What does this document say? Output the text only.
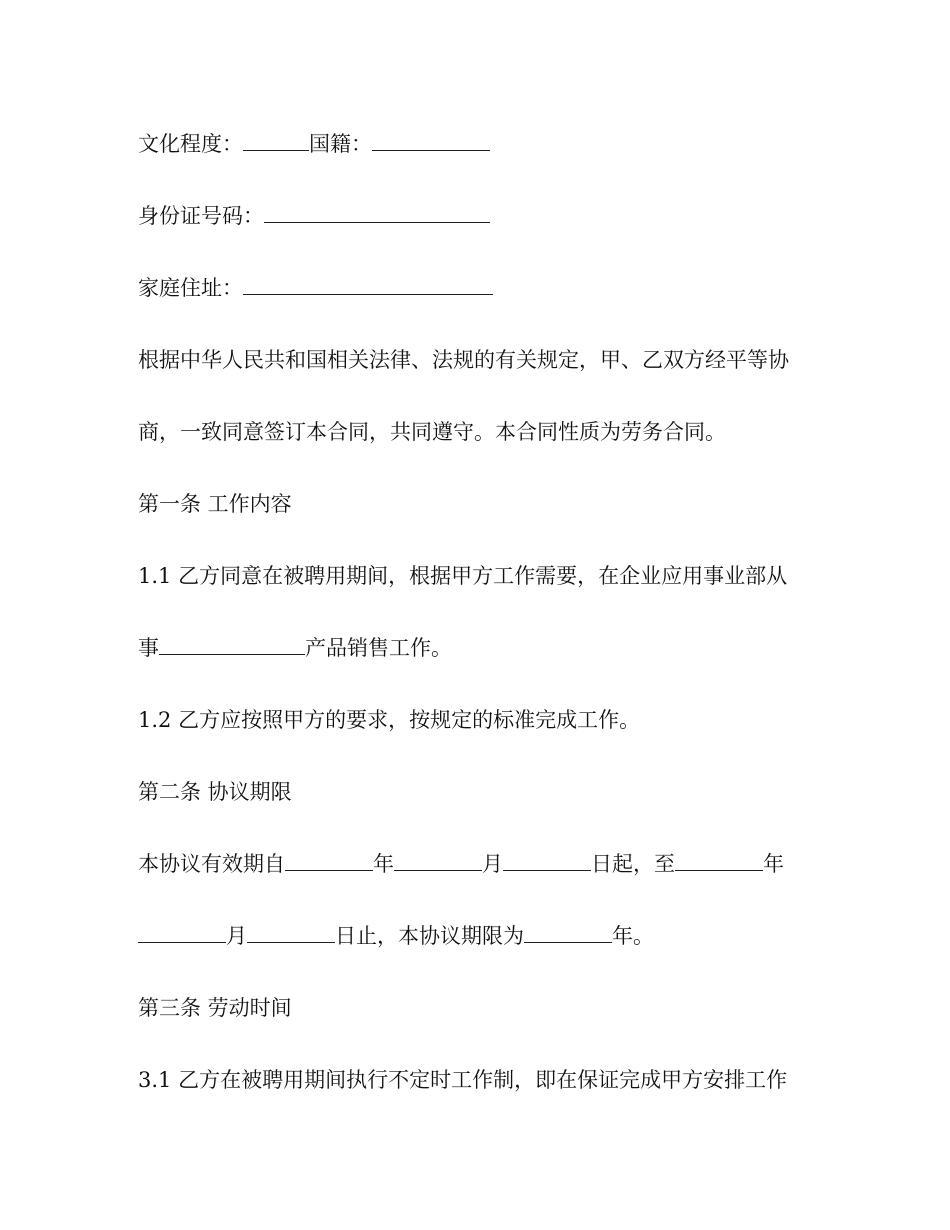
文化程度：	国籍：
身份证号码：
家庭住址：
根据中华人民共和国相关法律、法规的有关规定，甲、乙双方经平等协
商，一致同意签订本合同，共同遵守。本合同性质为劳务合同。
第一条 工作内容
1.1 乙方同意在被聘用期间，根据甲方工作需要，在企业应用事业部从
事	产品销售工作。
1.2 乙方应按照甲方的要求，按规定的标准完成工作。
第二条 协议期限
本协议有效期自	年	月	日起，至	年
月	日止，本协议期限为	年。
第三条 劳动时间
3.1 乙方在被聘用期间执行不定时工作制，即在保证完成甲方安排工作
